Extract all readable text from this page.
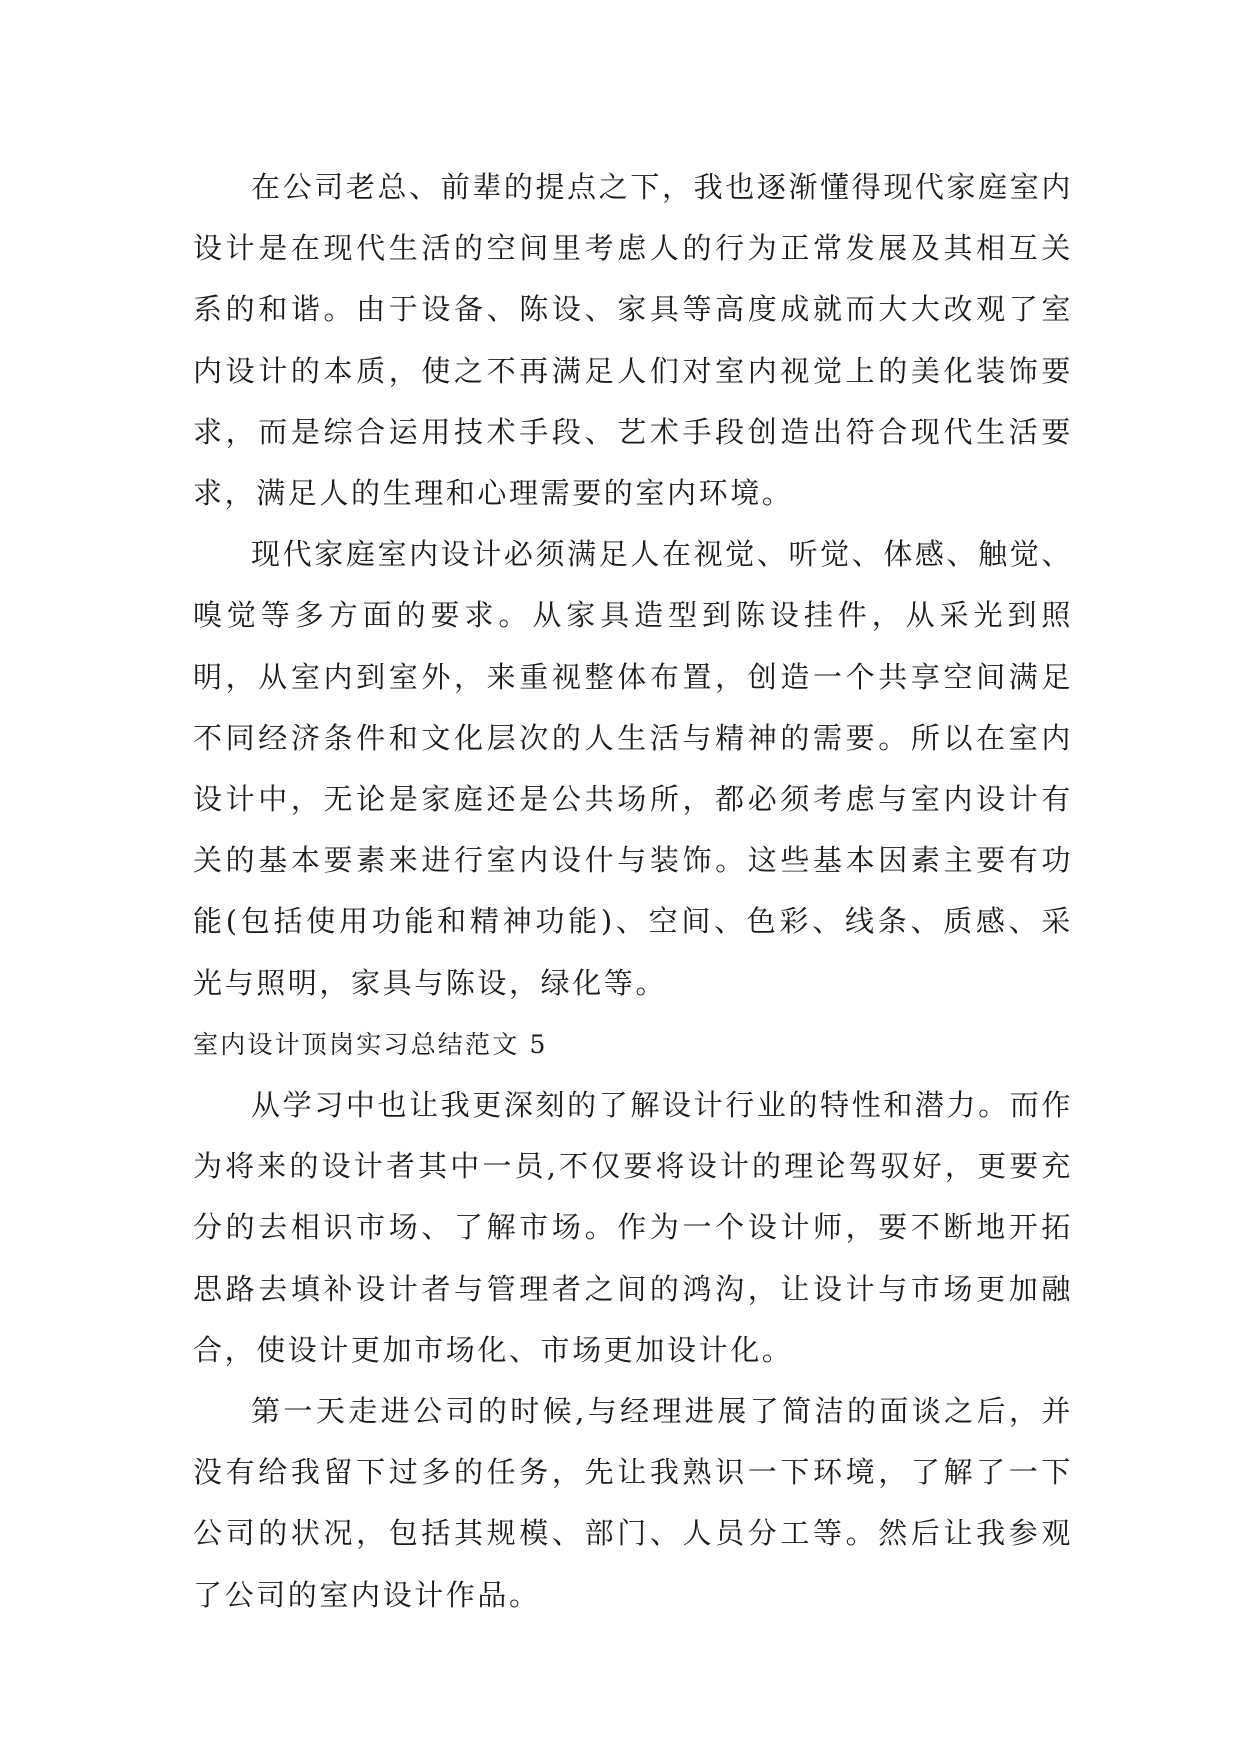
在公司老总、前辈的提点之下，我也逐渐懂得现代家庭室内设计是在现代生活的空间里考虑人的行为正常发展及其相互关系的和谐。由于设备、陈设、家具等高度成就而大大改观了室内设计的本质，使之不再满足人们对室内视觉上的美化装饰要求，而是综合运用技术手段、艺术手段创造出符合现代生活要求，满足人的生理和心理需要的室内环境。

现代家庭室内设计必须满足人在视觉、听觉、体感、触觉、嗅觉等多方面的要求。从家具造型到陈设挂件，从采光到照明，从室内到室外，来重视整体布置，创造一个共享空间满足不同经济条件和文化层次的人生活与精神的需要。所以在室内设计中，无论是家庭还是公共场所，都必须考虑与室内设计有关的基本要素来进行室内设什与装饰。这些基本因素主要有功能(包括使用功能和精神功能)、空间、色彩、线条、质感、采光与照明，家具与陈设，绿化等。

室内设计顶岗实习总结范文 5

从学习中也让我更深刻的了解设计行业的特性和潜力。而作为将来的设计者其中一员,不仅要将设计的理论驾驭好，更要充分的去相识市场、了解市场。作为一个设计师，要不断地开拓思路去填补设计者与管理者之间的鸿沟，让设计与市场更加融合，使设计更加市场化、市场更加设计化。

第一天走进公司的时候,与经理进展了简洁的面谈之后，并没有给我留下过多的任务，先让我熟识一下环境，了解了一下公司的状况，包括其规模、部门、人员分工等。然后让我参观了公司的室内设计作品。
